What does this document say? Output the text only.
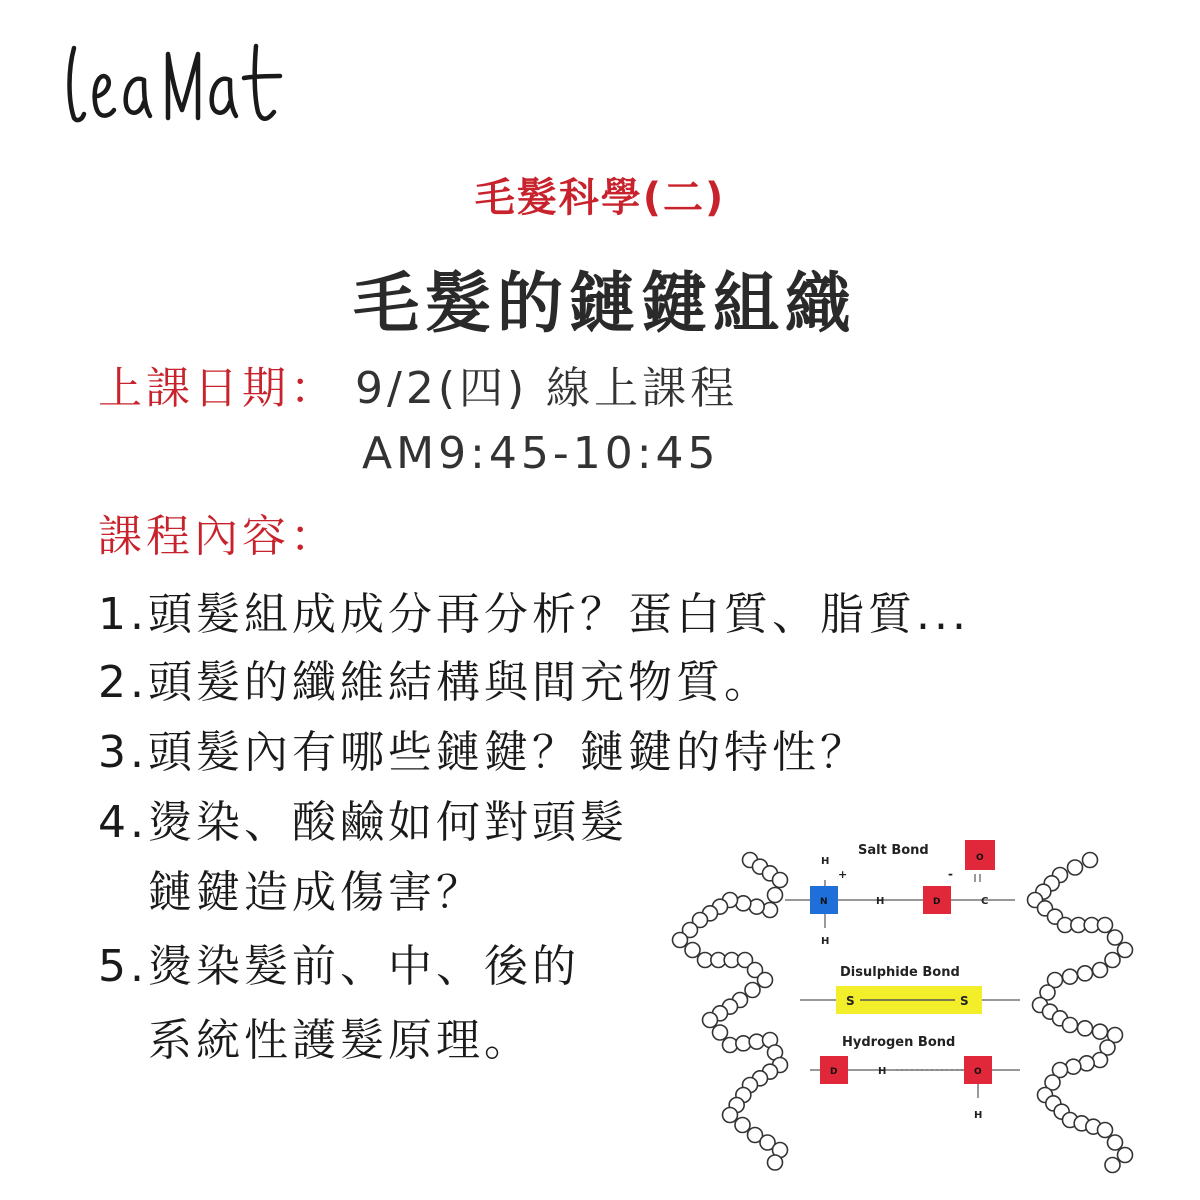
毛髮科學(二)
毛髮的鏈鍵組織
上課日期： 9/2(四) 線上課程
AM9:45-10:45
課程內容：
1.頭髮組成成分再分析？蛋白質、脂質...
2.頭髮的纖維結構與間充物質。
3.頭髮內有哪些鏈鍵？鏈鍵的特性？
4.燙染、酸鹼如何對頭髮
鏈鍵造成傷害？
5.燙染髮前、中、後的
系統性護髮原理。
Salt Bond
H
+
N
H
H	D
-
C
O
Disulphide Bond
S	S
Hydrogen Bond
D	H	O
H
